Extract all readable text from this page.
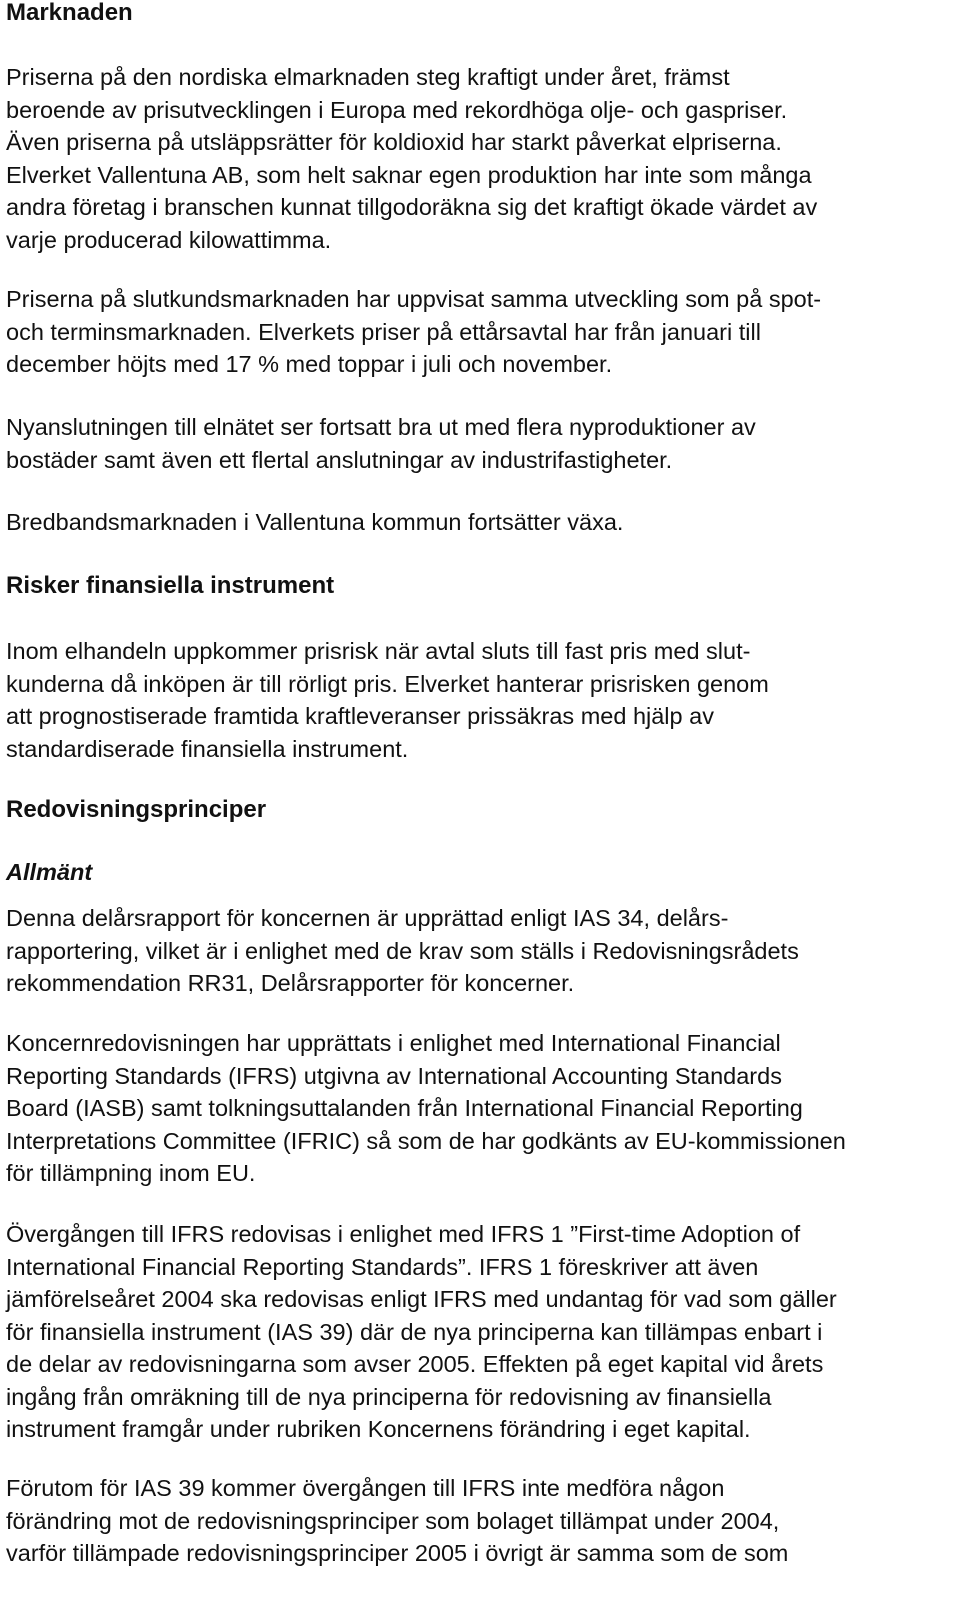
Marknaden

Priserna på den nordiska elmarknaden steg kraftigt under året, främst

beroende av prisutvecklingen i Europa med rekordhöga olje- och gaspriser.

Även priserna på utsläppsrätter för koldioxid har starkt påverkat elpriserna.

Elverket Vallentuna AB, som helt saknar egen produktion har inte som många

andra företag i branschen kunnat tillgodoräkna sig det kraftigt ökade värdet av

varje producerad kilowattimma.

Priserna på slutkundsmarknaden har uppvisat samma utveckling som på spot-

och terminsmarknaden. Elverkets priser på ettårsavtal har från januari till

december höjts med 17 % med toppar i juli och november.

Nyanslutningen till elnätet ser fortsatt bra ut med flera nyproduktioner av

bostäder samt även ett flertal anslutningar av industrifastigheter.

Bredbandsmarknaden i Vallentuna kommun fortsätter växa.

Risker finansiella instrument

Inom elhandeln uppkommer prisrisk när avtal sluts till fast pris med slut-

kunderna då inköpen är till rörligt pris. Elverket hanterar prisrisken genom

att prognostiserade framtida kraftleveranser prissäkras med hjälp av

standardiserade finansiella instrument.

Redovisningsprinciper
Allmänt

Denna delårsrapport för koncernen är upprättad enligt IAS 34, delårs-

rapportering, vilket är i enlighet med de krav som ställs i Redovisningsrådets

rekommendation RR31, Delårsrapporter för koncerner.

Koncernredovisningen har upprättats i enlighet med International Financial

Reporting Standards (IFRS) utgivna av International Accounting Standards

Board (IASB) samt tolkningsuttalanden från International Financial Reporting

Interpretations Committee (IFRIC) så som de har godkänts av EU-kommissionen

för tillämpning inom EU.

Övergången till IFRS redovisas i enlighet med IFRS 1 ”First-time Adoption of

International Financial Reporting Standards”. IFRS 1 föreskriver att även

jämförelseåret 2004 ska redovisas enligt IFRS med undantag för vad som gäller

för finansiella instrument (IAS 39) där de nya principerna kan tillämpas enbart i

de delar av redovisningarna som avser 2005. Effekten på eget kapital vid årets

ingång från omräkning till de nya principerna för redovisning av finansiella

instrument framgår under rubriken Koncernens förändring i eget kapital.

Förutom för IAS 39 kommer övergången till IFRS inte medföra någon

förändring mot de redovisningsprinciper som bolaget tillämpat under 2004,

varför tillämpade redovisningsprinciper 2005 i övrigt är samma som de som
